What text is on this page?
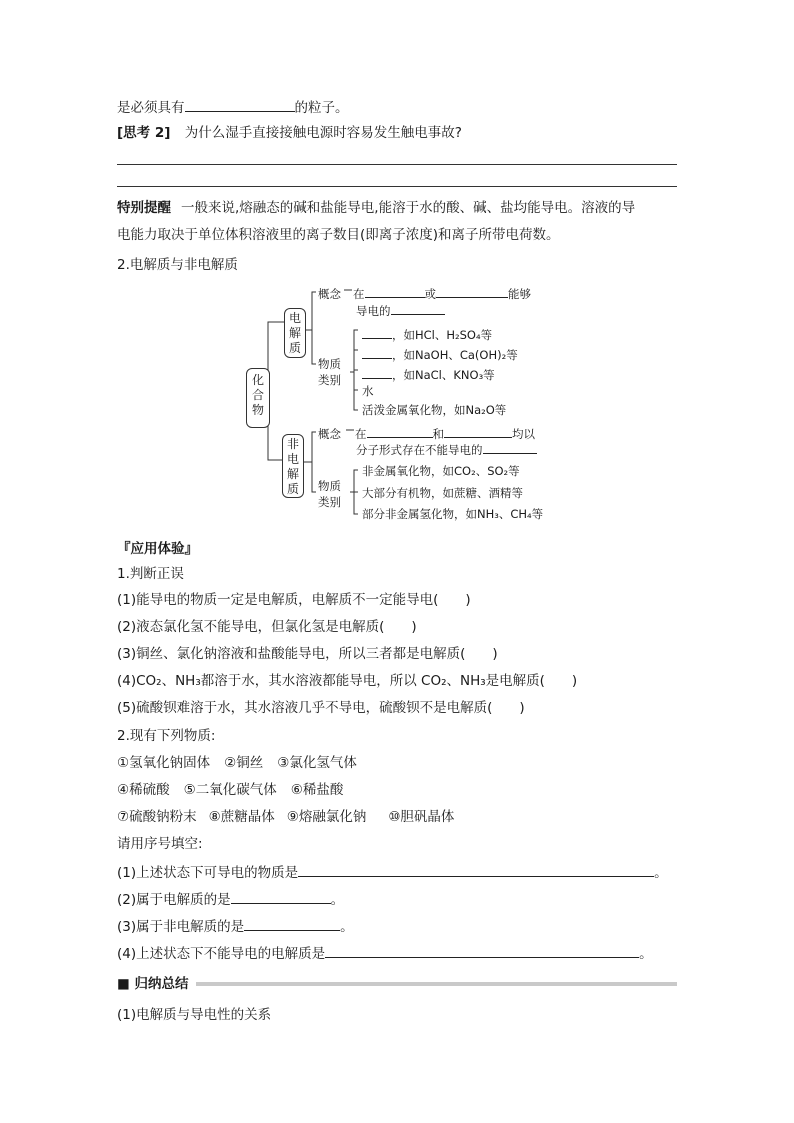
是必须具有	的粒子。
[思考 2] 为什么湿手直接接触电源时容易发生触电事故?
特别提醒 一般来说,熔融态的碱和盐能导电,能溶于水的酸、碱、盐均能导电。溶液的导
电能力取决于单位体积溶液里的离子数目(即离子浓度)和离子所带电荷数。
2.电解质与非电解质
化
合
物
电
解
质
非
电
解
质
概念 在	或	能够
导电的
物质
类别
，如HCl、H₂SO₄等
，如NaOH、Ca(OH)₂等
，如NaCl、KNO₃等
水
活泼金属氧化物，如Na₂O等
概念 在	和	均以
分子形式存在不能导电的
物质
类别
非金属氧化物，如CO₂、SO₂等
大部分有机物，如蔗糖、酒精等
部分非金属氢化物，如NH₃、CH₄等
『应用体验』
1.判断正误
(1)能导电的物质一定是电解质，电解质不一定能导电(　　)
(2)液态氯化氢不能导电，但氯化氢是电解质(　　)
(3)铜丝、氯化钠溶液和盐酸能导电，所以三者都是电解质(　　)
(4)CO₂、NH₃都溶于水，其水溶液都能导电，所以 CO₂、NH₃是电解质(　　)
(5)硫酸钡难溶于水，其水溶液几乎不导电，硫酸钡不是电解质(　　)
2.现有下列物质:
①氢氧化钠固体 ②铜丝 ③氯化氢气体
④稀硫酸 ⑤二氧化碳气体 ⑥稀盐酸
⑦硫酸钠粉末 ⑧蔗糖晶体 ⑨熔融氯化钠 ⑩胆矾晶体
请用序号填空:
(1)上述状态下可导电的物质是	。
(2)属于电解质的是	。
(3)属于非电解质的是	。
(4)上述状态下不能导电的电解质是	。
■ 归纳总结
(1)电解质与导电性的关系
